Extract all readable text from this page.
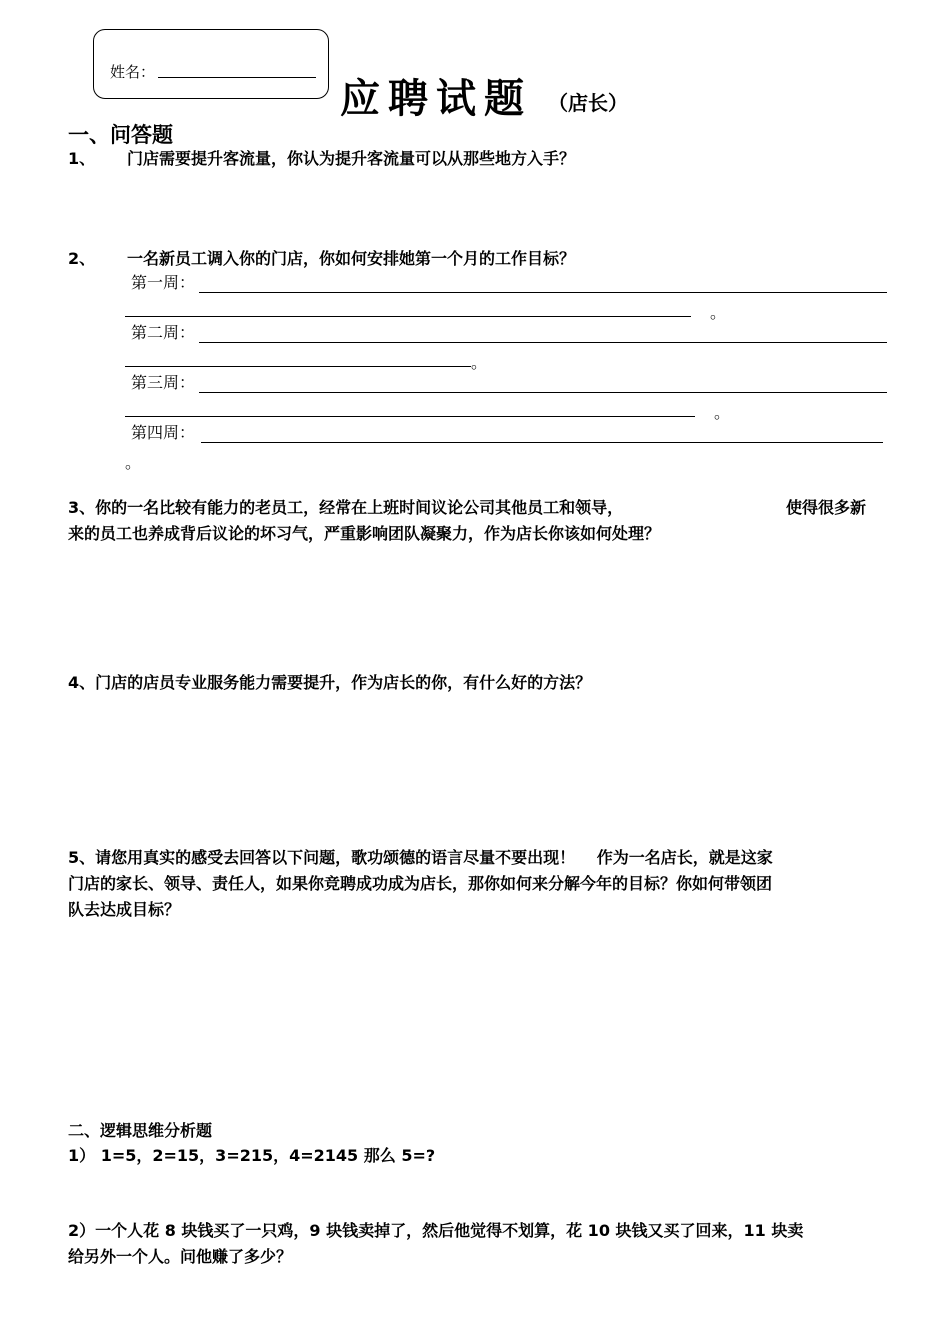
姓名：
应聘试题 （店长）
一、问答题
1、 门店需要提升客流量，你认为提升客流量可以从那些地方入手？
2、 一名新员工调入你的门店，你如何安排她第一个月的工作目标？
第一周：
。
第二周：
。
第三周：
。
第四周：
。
3、你的一名比较有能力的老员工，经常在上班时间议论公司其他员工和领导，	使得很多新
来的员工也养成背后议论的坏习气，严重影响团队凝聚力，作为店长你该如何处理？
4、门店的店员专业服务能力需要提升，作为店长的你，有什么好的方法？
5、请您用真实的感受去回答以下问题，歌功颂德的语言尽量不要出现！　 作为一名店长，就是这家
门店的家长、领导、责任人，如果你竞聘成功成为店长，那你如何来分解今年的目标？你如何带领团
队去达成目标？
二、逻辑思维分析题
1） 1=5，2=15，3=215，4=2145 那么 5=?
2）一个人花 8 块钱买了一只鸡，9 块钱卖掉了，然后他觉得不划算，花 10 块钱又买了回来，11 块卖
给另外一个人。问他赚了多少？
